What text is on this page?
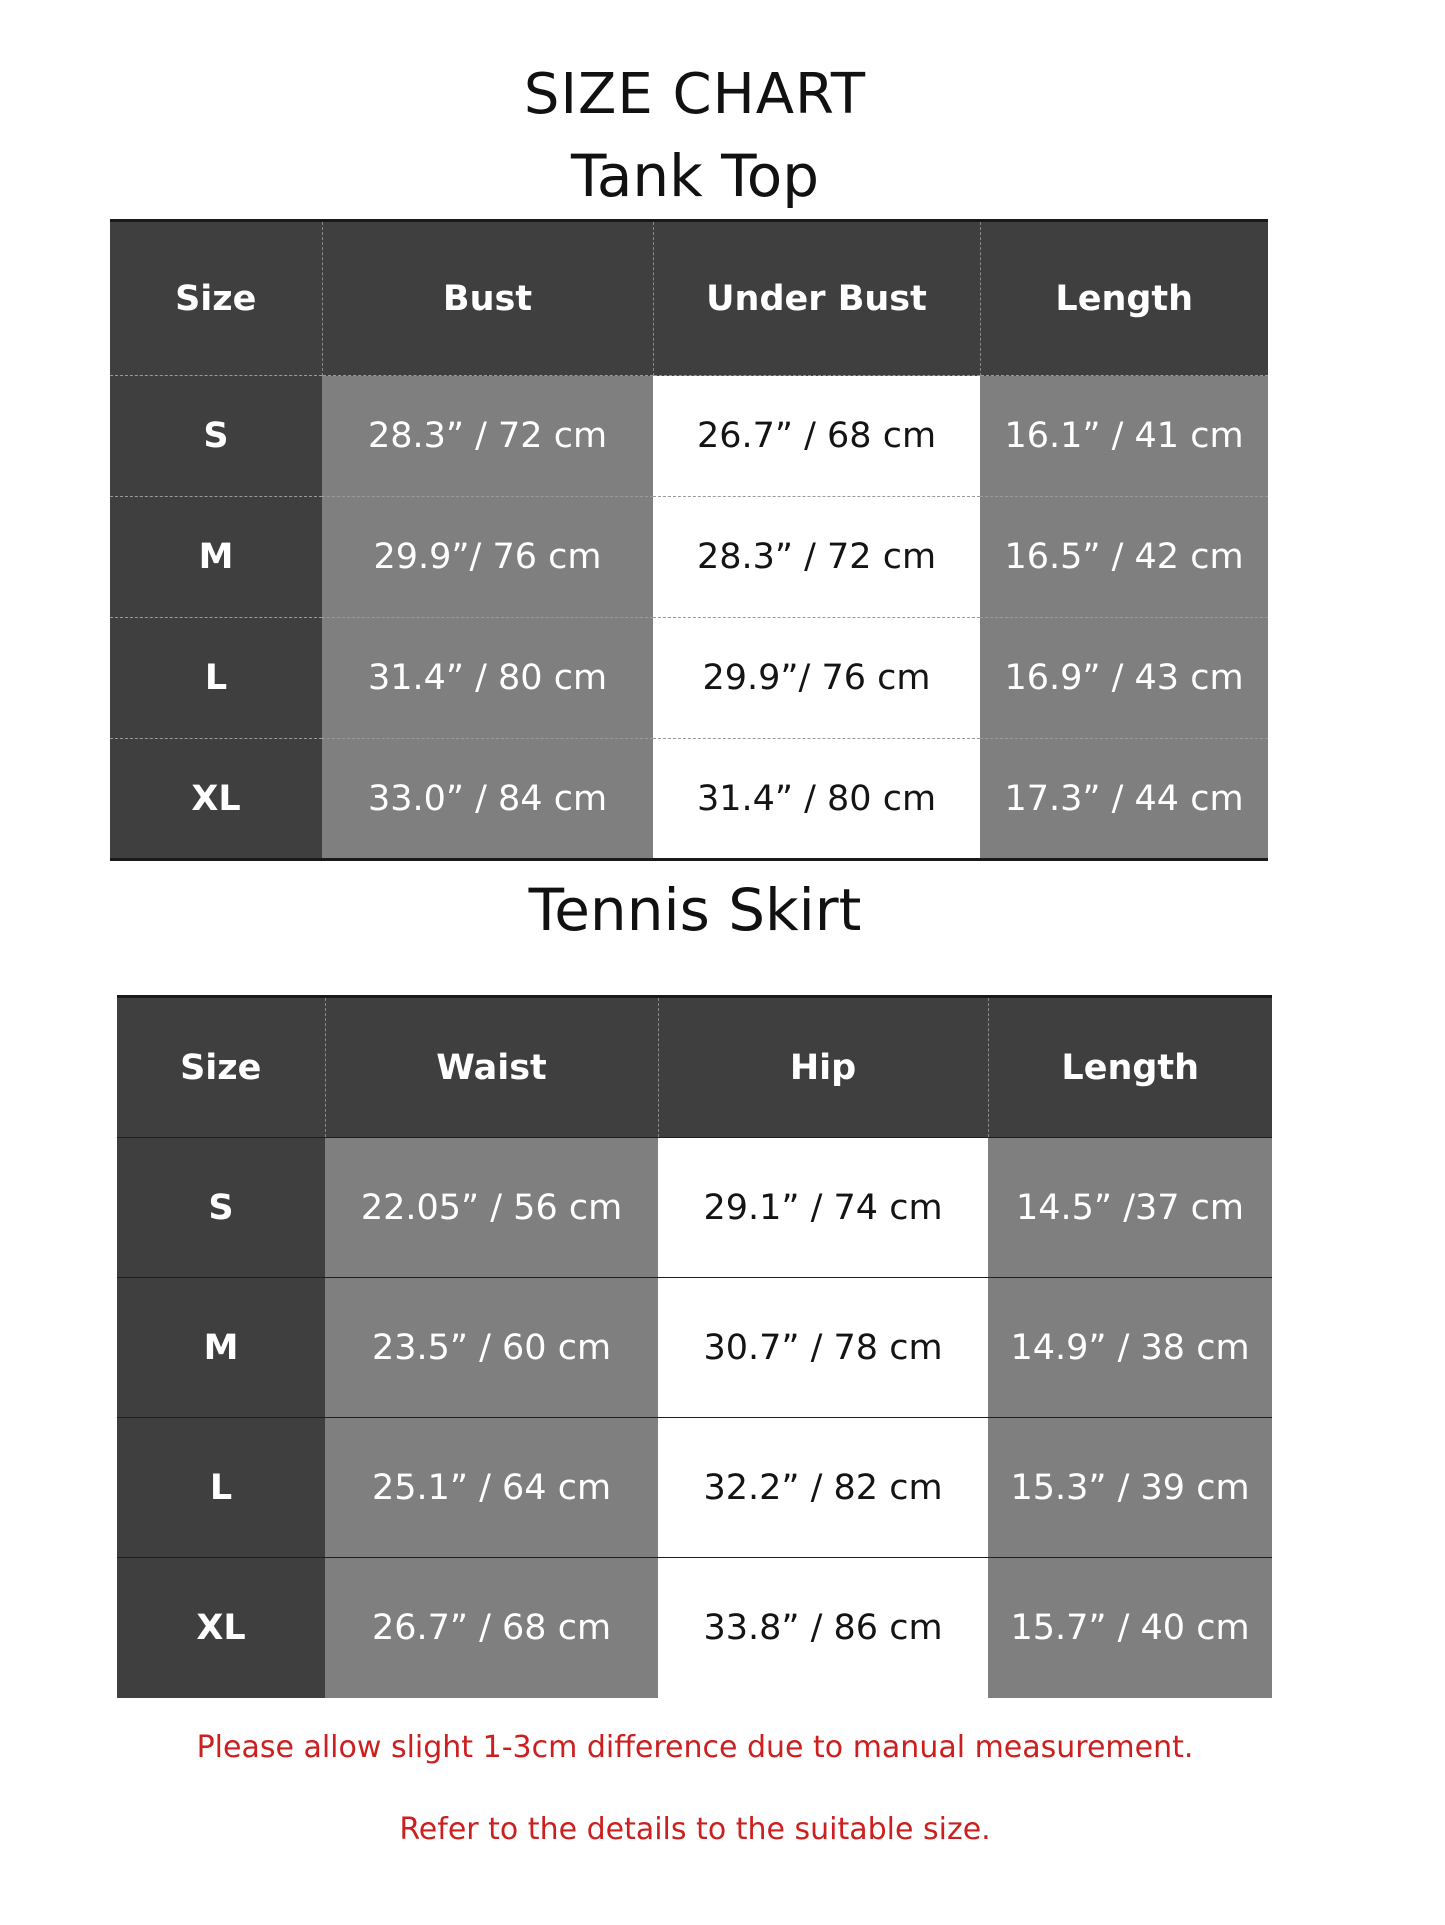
SIZE CHART
Tank Top
Size	Bust	Under Bust	Length
S	28.3” / 72 cm	26.7” / 68 cm	16.1” / 41 cm
M	29.9”/ 76 cm	28.3” / 72 cm	16.5” / 42 cm
L	31.4” / 80 cm	29.9”/ 76 cm	16.9” / 43 cm
XL	33.0” / 84 cm	31.4” / 80 cm	17.3” / 44 cm
Tennis Skirt
Size	Waist	Hip	Length
S	22.05” / 56 cm	29.1” / 74 cm	14.5” /37 cm
M	23.5” / 60 cm	30.7” / 78 cm	14.9” / 38 cm
L	25.1” / 64 cm	32.2” / 82 cm	15.3” / 39 cm
XL	26.7” / 68 cm	33.8” / 86 cm	15.7” / 40 cm

Please allow slight 1-3cm difference due to manual measurement.

Refer to the details to the suitable size.
